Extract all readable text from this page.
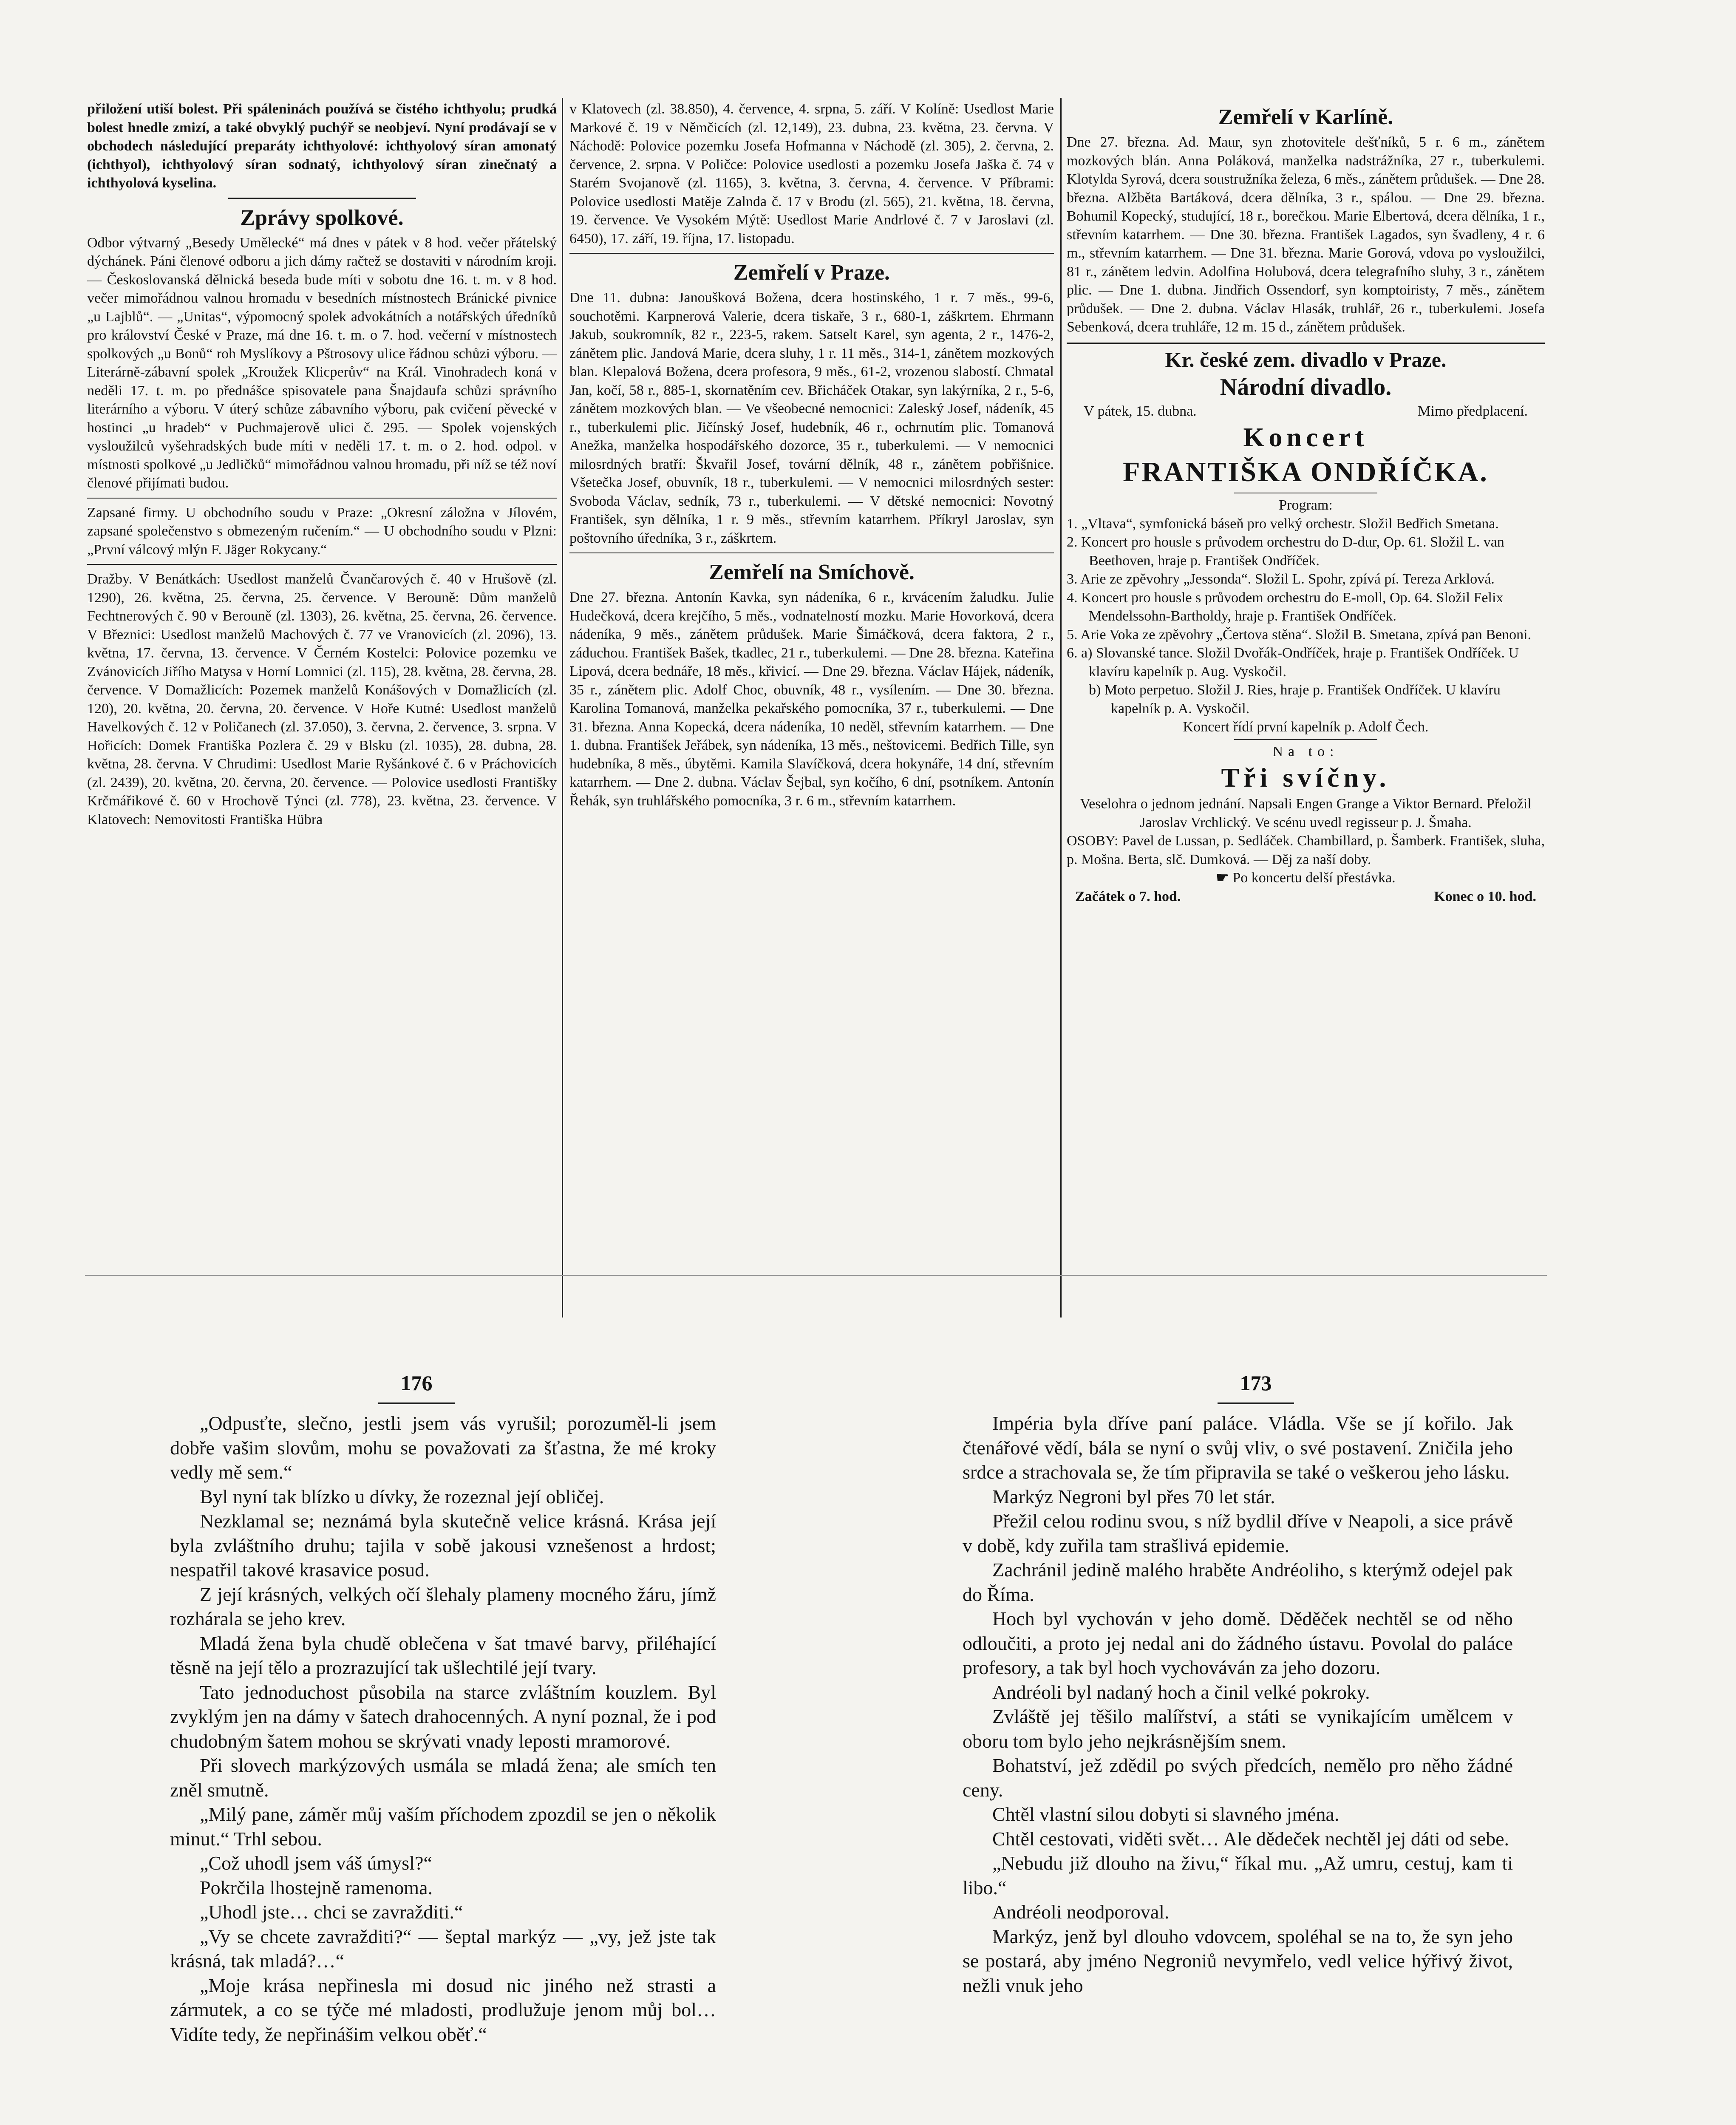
přiložení utiší bolest. Při spáleninách používá se čistého ichthyolu; prudká bolest hnedle zmizí, a také obvyklý puchýř se neobjeví. Nyní prodávají se v obchodech následující preparáty ichthyolové: ichthyolový síran amonatý (ichthyol), ichthyolový síran sodnatý, ichthyolový síran zinečnatý a ichthyolová kyselina.

Zprávy spolkové.

Odbor výtvarný „Besedy Umělecké“ má dnes v pátek v 8 hod. večer přátelský dýchánek. Páni členové odboru a jich dámy račtež se dostaviti v národním kroji. — Českoslovanská dělnická beseda bude míti v sobotu dne 16. t. m. v 8 hod. večer mimořádnou valnou hromadu v besedních místnostech Bránické pivnice „u Lajblů“. — „Unitas“, výpomocný spolek advokátních a notářských úředníků pro království České v Praze, má dne 16. t. m. o 7. hod. večerní v místnostech spolkových „u Bonů“ roh Myslíkovy a Pštrosovy ulice řádnou schůzi výboru. — Literárně-zábavní spolek „Kroužek Klicperův“ na Král. Vinohradech koná v neděli 17. t. m. po přednášce spisovatele pana Šnajdaufa schůzi správního literárního a výboru. V úterý schůze zábavního výboru, pak cvičení pěvecké v hostinci „u hradeb“ v Puchmajerově ulici č. 295. — Spolek vojenských vysloužilců vyšehradských bude míti v neděli 17. t. m. o 2. hod. odpol. v místnosti spolkové „u Jedličků“ mimořádnou valnou hromadu, při níž se též noví členové přijímati budou.

Zapsané firmy. U obchodního soudu v Praze: „Okresní záložna v Jílovém, zapsané společenstvo s obmezeným ručením.“ — U obchodního soudu v Plzni: „První válcový mlýn F. Jäger Rokycany.“

Dražby. V Benátkách: Usedlost manželů Čvančarových č. 40 v Hrušově (zl. 1290), 26. května, 25. června, 25. července. V Berouně: Dům manželů Fechtnerových č. 90 v Berouně (zl. 1303), 26. května, 25. června, 26. července. V Březnici: Usedlost manželů Machových č. 77 ve Vranovicích (zl. 2096), 13. května, 17. června, 13. července. V Černém Kostelci: Polovice pozemku ve Zvánovicích Jiřího Matysa v Horní Lomnici (zl. 115), 28. května, 28. června, 28. července. V Domažlicích: Pozemek manželů Konášových v Domažlicích (zl. 120), 20. května, 20. června, 20. července. V Hoře Kutné: Usedlost manželů Havelkových č. 12 v Poličanech (zl. 37.050), 3. června, 2. července, 3. srpna. V Hořicích: Domek Františka Pozlera č. 29 v Blsku (zl. 1035), 28. dubna, 28. května, 28. června. V Chrudimi: Usedlost Marie Ryšánkové č. 6 v Práchovicích (zl. 2439), 20. května, 20. června, 20. července. — Polovice usedlosti Františky Krčmářikové č. 60 v Hrochově Týnci (zl. 778), 23. května, 23. července. V Klatovech: Nemovitosti Františka Hübra

v Klatovech (zl. 38.850), 4. července, 4. srpna, 5. září. V Kolíně: Usedlost Marie Markové č. 19 v Němčicích (zl. 12,149), 23. dubna, 23. května, 23. června. V Náchodě: Polovice pozemku Josefa Hofmanna v Náchodě (zl. 305), 2. června, 2. července, 2. srpna. V Poličce: Polovice usedlosti a pozemku Josefa Jaška č. 74 v Starém Svojanově (zl. 1165), 3. května, 3. června, 4. července. V Příbrami: Polovice usedlosti Matěje Zalnda č. 17 v Brodu (zl. 565), 21. května, 18. června, 19. července. Ve Vysokém Mýtě: Usedlost Marie Andrlové č. 7 v Jaroslavi (zl. 6450), 17. září, 19. října, 17. listopadu.

Zemřelí v Praze.

Dne 11. dubna: Janoušková Božena, dcera hostinského, 1 r. 7 měs., 99-6, souchotěmi. Karpnerová Valerie, dcera tiskaře, 3 r., 680-1, záškrtem. Ehrmann Jakub, soukromník, 82 r., 223-5, rakem. Satselt Karel, syn agenta, 2 r., 1476-2, zánětem plic. Jandová Marie, dcera sluhy, 1 r. 11 měs., 314-1, zánětem mozkových blan. Klepalová Božena, dcera profesora, 9 měs., 61-2, vrozenou slabostí. Chmatal Jan, kočí, 58 r., 885-1, skornatěním cev. Břicháček Otakar, syn lakýrníka, 2 r., 5-6, zánětem mozkových blan. — Ve všeobecné nemocnici: Zaleský Josef, nádeník, 45 r., tuberkulemi plic. Jičínský Josef, hudebník, 46 r., ochrnutím plic. Tomanová Anežka, manželka hospodářského dozorce, 35 r., tuberkulemi. — V nemocnici milosrdných bratří: Škvařil Josef, tovární dělník, 48 r., zánětem pobřišnice. Všetečka Josef, obuvník, 18 r., tuberkulemi. — V nemocnici milosrdných sester: Svoboda Václav, sedník, 73 r., tuberkulemi. — V dětské nemocnici: Novotný František, syn dělníka, 1 r. 9 měs., střevním katarrhem. Příkryl Jaroslav, syn poštovního úředníka, 3 r., záškrtem.

Zemřelí na Smíchově.

Dne 27. března. Antonín Kavka, syn nádeníka, 6 r., krvácením žaludku. Julie Hudečková, dcera krejčího, 5 měs., vodnatelností mozku. Marie Hovorková, dcera nádeníka, 9 měs., zánětem průdušek. Marie Šimáčková, dcera faktora, 2 r., záduchou. František Bašek, tkadlec, 21 r., tuberkulemi. — Dne 28. března. Kateřina Lipová, dcera bednáře, 18 měs., křivicí. — Dne 29. března. Václav Hájek, nádeník, 35 r., zánětem plic. Adolf Choc, obuvník, 48 r., vysílením. — Dne 30. března. Karolina Tomanová, manželka pekařského pomocníka, 37 r., tuberkulemi. — Dne 31. března. Anna Kopecká, dcera nádeníka, 10 neděl, střevním katarrhem. — Dne 1. dubna. František Jeřábek, syn nádeníka, 13 měs., neštovicemi. Bedřich Tille, syn hudebníka, 8 měs., úbytěmi. Kamila Slavíčková, dcera hokynáře, 14 dní, střevním katarrhem. — Dne 2. dubna. Václav Šejbal, syn kočího, 6 dní, psotníkem. Antonín Řehák, syn truhlářského pomocníka, 3 r. 6 m., střevním katarrhem.

Zemřelí v Karlíně.

Dne 27. března. Ad. Maur, syn zhotovitele dešťníků, 5 r. 6 m., zánětem mozkových blán. Anna Poláková, manželka nadstrážníka, 27 r., tuberkulemi. Klotylda Syrová, dcera soustružníka železa, 6 měs., zánětem průdušek. — Dne 28. března. Alžběta Bartáková, dcera dělníka, 3 r., spálou. — Dne 29. března. Bohumil Kopecký, studující, 18 r., borečkou. Marie Elbertová, dcera dělníka, 1 r., střevním katarrhem. — Dne 30. března. František Lagados, syn švadleny, 4 r. 6 m., střevním katarrhem. — Dne 31. března. Marie Gorová, vdova po vysloužilci, 81 r., zánětem ledvin. Adolfina Holubová, dcera telegrafního sluhy, 3 r., zánětem plic. — Dne 1. dubna. Jindřich Ossendorf, syn komptoiristy, 7 měs., zánětem průdušek. — Dne 2. dubna. Václav Hlasák, truhlář, 26 r., tuberkulemi. Josefa Sebenková, dcera truhláře, 12 m. 15 d., zánětem průdušek.

Kr. české zem. divadlo v Praze.
Národní divadlo.
V pátek, 15. dubna.	Mimo předplacení.
Koncert
FRANTIŠKA ONDŘÍČKA.
Program:
1. „Vltava“, symfonická báseň pro velký orchestr. Složil Bedřich Smetana.
2. Koncert pro housle s průvodem orchestru do D-dur, Op. 61. Složil L. van Beethoven, hraje p. František Ondříček.
3. Arie ze zpěvohry „Jessonda“. Složil L. Spohr, zpívá pí. Tereza Arklová.
4. Koncert pro housle s průvodem orchestru do E-moll, Op. 64. Složil Felix Mendelssohn-Bartholdy, hraje p. František Ondříček.
5. Arie Voka ze zpěvohry „Čertova stěna“. Složil B. Smetana, zpívá pan Benoni.
6. a) Slovanské tance. Složil Dvořák-Ondříček, hraje p. František Ondříček. U klavíru kapelník p. Aug. Vyskočil.
b) Moto perpetuo. Složil J. Ries, hraje p. František Ondříček. U klavíru kapelník p. A. Vyskočil.
Koncert řídí první kapelník p. Adolf Čech.
Na to:
Tři svíčny.
Veselohra o jednom jednání. Napsali Engen Grange a Viktor Bernard. Přeložil Jaroslav Vrchlický. Ve scénu uvedl regisseur p. J. Šmaha.
OSOBY: Pavel de Lussan, p. Sedláček. Chambillard, p. Šamberk. František, sluha, p. Mošna. Berta, slč. Dumková. — Děj za naší doby.
☛ Po koncertu delší přestávka.
Začátek o 7. hod.	Konec o 10. hod.
176

„Odpusťte, slečno, jestli jsem vás vyrušil; porozuměl-li jsem dobře vašim slovům, mohu se považovati za šťastna, že mé kroky vedly mě sem.“

Byl nyní tak blízko u dívky, že rozeznal její obličej.

Nezklamal se; neznámá byla skutečně velice krásná. Krása její byla zvláštního druhu; tajila v sobě jakousi vznešenost a hrdost; nespatřil takové krasavice posud.

Z její krásných, velkých očí šlehaly plameny mocného žáru, jímž rozhárala se jeho krev.

Mladá žena byla chudě oblečena v šat tmavé barvy, přiléhající těsně na její tělo a prozrazující tak ušlechtilé její tvary.

Tato jednoduchost působila na starce zvláštním kouzlem. Byl zvyklým jen na dámy v šatech drahocenných. A nyní poznal, že i pod chudobným šatem mohou se skrývati vnady leposti mramorové.

Při slovech markýzových usmála se mladá žena; ale smích ten zněl smutně.

„Milý pane, záměr můj vaším příchodem zpozdil se jen o několik minut.“ Trhl sebou.

„Což uhodl jsem váš úmysl?“

Pokrčila lhostejně ramenoma.

„Uhodl jste… chci se zavražditi.“

„Vy se chcete zavražditi?“ — šeptal markýz — „vy, jež jste tak krásná, tak mladá?…“

„Moje krása nepřinesla mi dosud nic jiného než strasti a zármutek, a co se týče mé mladosti, prodlužuje jenom můj bol… Vidíte tedy, že nepřinášim velkou oběť.“

173

Impéria byla dříve paní paláce. Vládla. Vše se jí kořilo. Jak čtenářové vědí, bála se nyní o svůj vliv, o své postavení. Zničila jeho srdce a strachovala se, že tím připravila se také o veškerou jeho lásku.

Markýz Negroni byl přes 70 let stár.

Přežil celou rodinu svou, s níž bydlil dříve v Neapoli, a sice právě v době, kdy zuřila tam strašlivá epidemie.

Zachránil jedině malého hraběte Andréoliho, s kterýmž odejel pak do Říma.

Hoch byl vychován v jeho domě. Děděček nechtěl se od něho odloučiti, a proto jej nedal ani do žádného ústavu. Povolal do paláce profesory, a tak byl hoch vychováván za jeho dozoru.

Andréoli byl nadaný hoch a činil velké pokroky.

Zvláště jej těšilo malířství, a státi se vynikajícím umělcem v oboru tom bylo jeho nejkrásnějším snem.

Bohatství, jež zdědil po svých předcích, nemělo pro něho žádné ceny.

Chtěl vlastní silou dobyti si slavného jména.

Chtěl cestovati, viděti svět… Ale dědeček nechtěl jej dáti od sebe.

„Nebudu již dlouho na živu,“ říkal mu. „Až umru, cestuj, kam ti libo.“

Andréoli neodporoval.

Markýz, jenž byl dlouho vdovcem, spoléhal se na to, že syn jeho se postará, aby jméno Negroniů nevymřelo, vedl velice hýřivý život, nežli vnuk jeho
